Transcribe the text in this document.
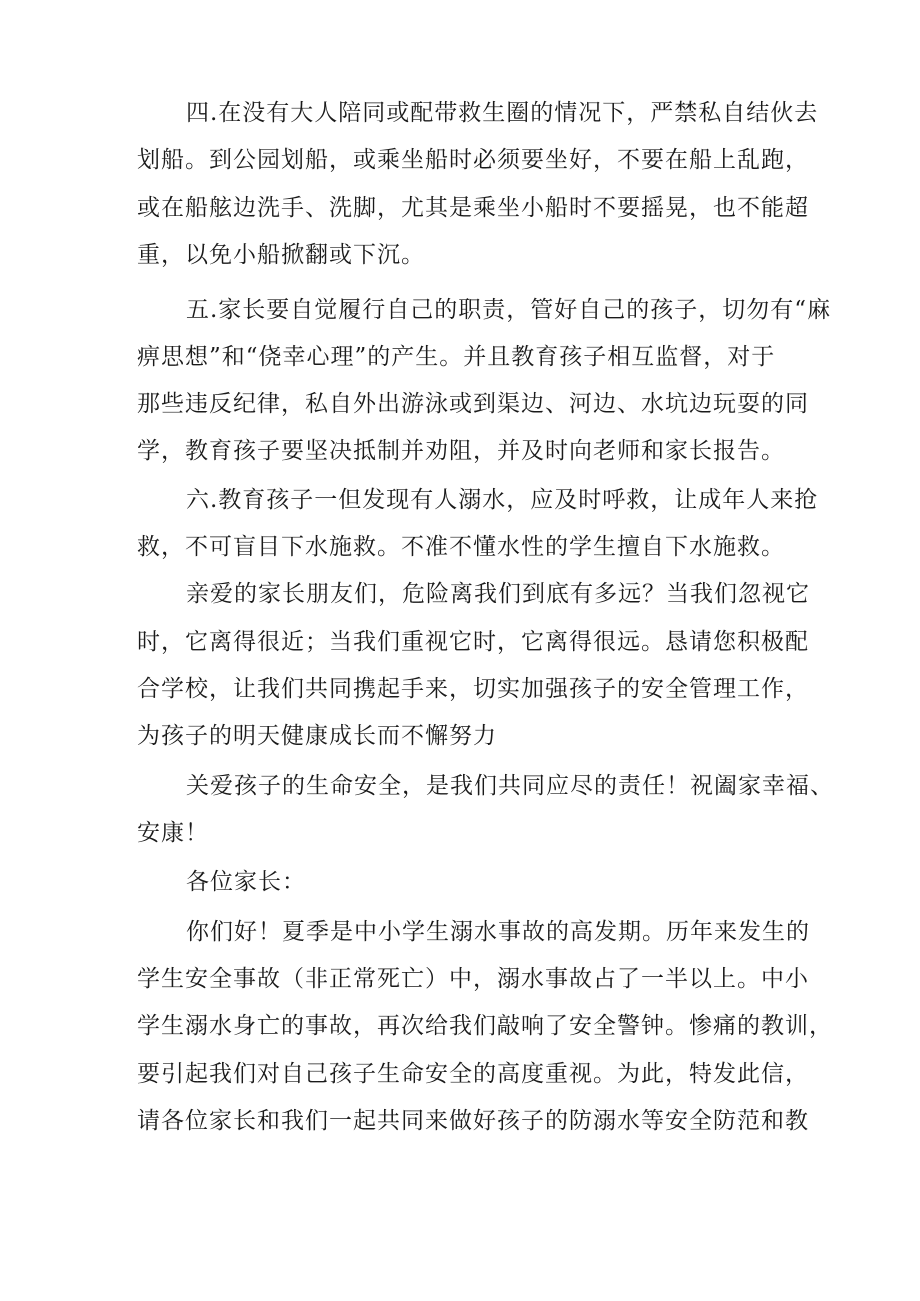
四.在没有大人陪同或配带救生圈的情况下，严禁私自结伙去
划船。到公园划船，或乘坐船时必须要坐好，不要在船上乱跑，
或在船舷边洗手、洗脚，尤其是乘坐小船时不要摇晃，也不能超
重，以免小船掀翻或下沉。
五.家长要自觉履行自己的职责，管好自己的孩子，切勿有“麻
痹思想”和“侥幸心理”的产生。并且教育孩子相互监督，对于
那些违反纪律，私自外出游泳或到渠边、河边、水坑边玩耍的同
学，教育孩子要坚决抵制并劝阻，并及时向老师和家长报告。
六.教育孩子一但发现有人溺水，应及时呼救，让成年人来抢
救，不可盲目下水施救。不准不懂水性的学生擅自下水施救。
亲爱的家长朋友们，危险离我们到底有多远？当我们忽视它
时，它离得很近；当我们重视它时，它离得很远。恳请您积极配
合学校，让我们共同携起手来，切实加强孩子的安全管理工作，
为孩子的明天健康成长而不懈努力
关爱孩子的生命安全，是我们共同应尽的责任！祝阖家幸福、
安康！
各位家长：
你们好！夏季是中小学生溺水事故的高发期。历年来发生的
学生安全事故（非正常死亡）中，溺水事故占了一半以上。中小
学生溺水身亡的事故，再次给我们敲响了安全警钟。惨痛的教训，
要引起我们对自己孩子生命安全的高度重视。为此，特发此信，
请各位家长和我们一起共同来做好孩子的防溺水等安全防范和教
